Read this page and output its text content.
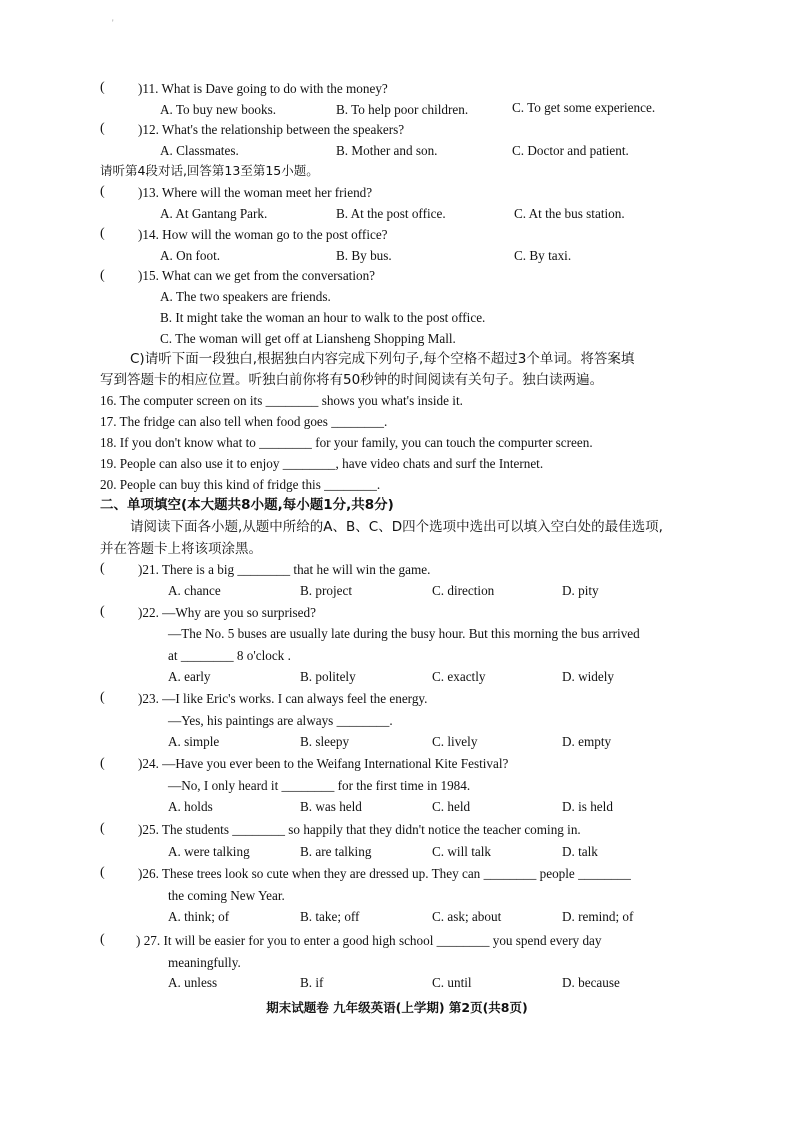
'
(	)11. What is Dave going to do with the money?
A. To buy new books.	B. To help poor children.	C. To get some experience.
(	)12. What's the relationship between the speakers?
A. Classmates.	B. Mother and son.	C. Doctor and patient.
请听第4段对话,回答第13至第15小题。
(	)13. Where will the woman meet her friend?
A. At Gantang Park.	B. At the post office.	C. At the bus station.
(	)14. How will the woman go to the post office?
A. On foot.	B. By bus.	C. By taxi.
(	)15. What can we get from the conversation?
A. The two speakers are friends.
B. It might take the woman an hour to walk to the post office.
C. The woman will get off at Liansheng Shopping Mall.
C)请听下面一段独白,根据独白内容完成下列句子,每个空格不超过3个单词。将答案填
写到答题卡的相应位置。听独白前你将有50秒钟的时间阅读有关句子。独白读两遍。
16. The computer screen on its ________ shows you what's inside it.
17. The fridge can also tell when food goes ________.
18. If you don't know what to ________ for your family, you can touch the compurter screen.
19. People can also use it to enjoy ________, have video chats and surf the Internet.
20. People can buy this kind of fridge this ________.
二、单项填空(本大题共8小题,每小题1分,共8分)
请阅读下面各小题,从题中所给的A、B、C、D四个选项中选出可以填入空白处的最佳选项,
并在答题卡上将该项涂黑。
(	)21. There is a big ________ that he will win the game.
A. chance	B. project	C. direction	D. pity
(	)22. —Why are you so surprised?
—The No. 5 buses are usually late during the busy hour. But this morning the bus arrived
at ________ 8 o'clock .
A. early	B. politely	C. exactly	D. widely
(	)23. —I like Eric's works. I can always feel the energy.
—Yes, his paintings are always ________.
A. simple	B. sleepy	C. lively	D. empty
(	)24. —Have you ever been to the Weifang International Kite Festival?
—No, I only heard it ________ for the first time in 1984.
A. holds	B. was held	C. held	D. is held
(	)25. The students ________ so happily that they didn't notice the teacher coming in.
A. were talking	B. are talking	C. will talk	D. talk
(	)26. These trees look so cute when they are dressed up. They can ________ people ________
the coming New Year.
A. think; of	B. take; off	C. ask; about	D. remind; of
( ) 27. It will be easier for you to enter a good high school ________ you spend every day
meaningfully.
A. unless	B. if	C. until	D. because
期末试题卷 九年级英语(上学期) 第2页(共8页)
